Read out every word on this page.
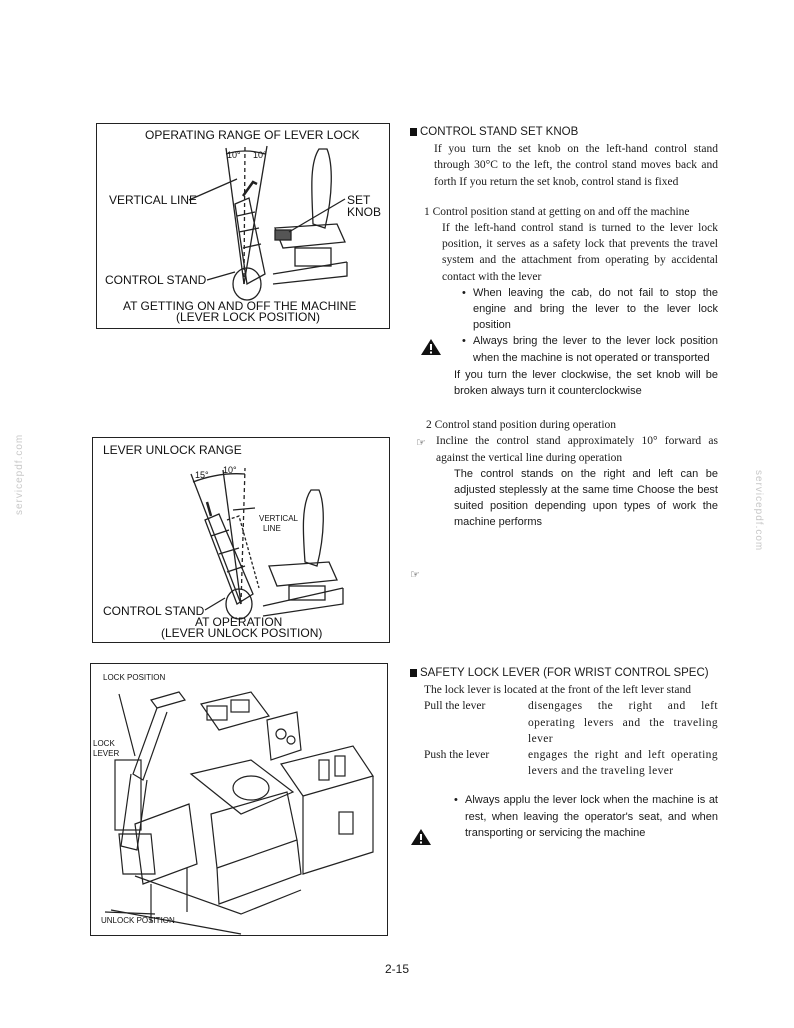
servicepdf.com	servicepdf.com
OPERATING RANGE OF LEVER LOCK
10° 10°
VERTICAL LINE	SET
KNOB
CONTROL STAND
AT GETTING ON AND OFF THE MACHINE
(LEVER LOCK POSITION)
LEVER UNLOCK RANGE
15° 10°
VERTICAL
LINE
CONTROL STAND
AT OPERATION
(LEVER UNLOCK POSITION)
LOCK POSITION
LOCK
LEVER
UNLOCK POSITION
CONTROL STAND SET KNOB
If you turn the set knob on the left-hand control stand through 30°C to the left, the control stand moves back and forth If you return the set knob, control stand is fixed
1 Control position stand at getting on and off the machine
If the left-hand control stand is turned to the lever lock position, it serves as a safety lock that prevents the travel system and the attachment from operating by accidental contact with the lever
• When leaving the cab, do not fail to stop the engine and bring the lever to the lever lock position
• Always bring the lever to the lever lock position when the machine is not operated or transported
If you turn the lever clockwise, the set knob will be broken always turn it counterclockwise
2 Control stand position during operation
Incline the control stand approximately 10° forward as against the vertical line during operation
The control stands on the right and left can be adjusted steplessly at the same time Choose the best suited position depending upon types of work the machine performs
☞
☞
SAFETY LOCK LEVER (FOR WRIST CONTROL SPEC)
The lock lever is located at the front of the left lever stand
Pull the lever	disengages the right and left operating levers and the traveling lever
Push the lever	engages the right and left operating levers and the traveling lever
• Always applu the lever lock when the machine is at rest, when leaving the operator's seat, and when transporting or servicing the machine
2-15
